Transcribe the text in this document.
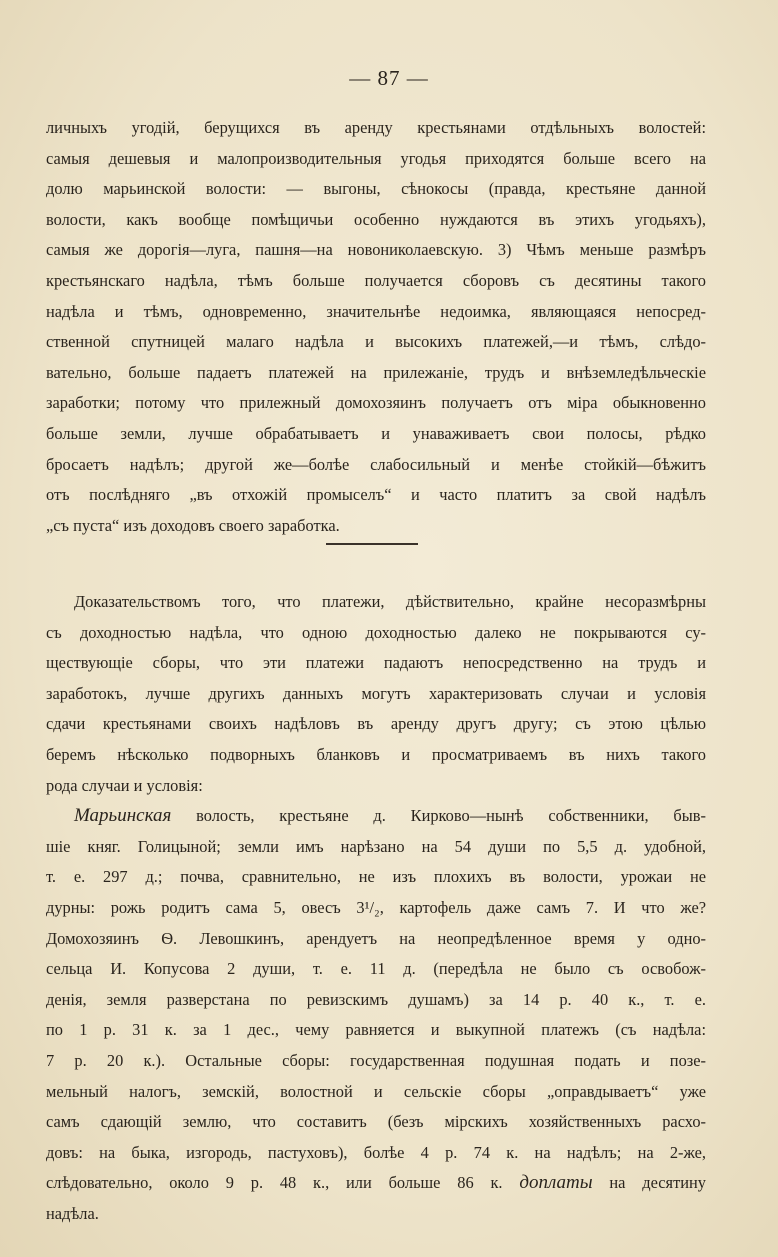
— 87 —
личныхъ угодій, берущихся въ аренду крестьянами отдѣльныхъ волостей:
самыя дешевыя и малопроизводительныя угодья приходятся больше всего на
долю марьинской волости: — выгоны, сѣнокосы (правда, крестьяне данной
волости, какъ вообще помѣщичьи особенно нуждаются въ этихъ угодьяхъ),
самыя же дорогія—луга, пашня—на новониколаевскую. 3) Чѣмъ меньше размѣръ
крестьянскаго надѣла, тѣмъ больше получается сборовъ съ десятины такого
надѣла и тѣмъ, одновременно, значительнѣе недоимка, являющаяся непосред-
ственной спутницей малаго надѣла и высокихъ платежей,—и тѣмъ, слѣдо-
вательно, больше падаетъ платежей на прилежаніе, трудъ и внѣземледѣльческіе
заработки; потому что прилежный домохозяинъ получаетъ отъ міра обыкновенно
больше земли, лучше обрабатываетъ и унаваживаетъ свои полосы, рѣдко
бросаетъ надѣлъ; другой же—болѣе слабосильный и менѣе стойкій—бѣжитъ
отъ послѣдняго „въ отхожій промыселъ“ и часто платитъ за свой надѣлъ
„съ пуста“ изъ доходовъ своего заработка.
Доказательствомъ того, что платежи, дѣйствительно, крайне несоразмѣрны
съ доходностью надѣла, что одною доходностью далеко не покрываются су-
ществующіе сборы, что эти платежи падаютъ непосредственно на трудъ и
заработокъ, лучше другихъ данныхъ могутъ характеризовать случаи и условія
сдачи крестьянами своихъ надѣловъ въ аренду другъ другу; съ этою цѣлью
беремъ нѣсколько подворныхъ бланковъ и просматриваемъ въ нихъ такого
рода случаи и условія:
Марьинская волость, крестьяне д. Кирково—нынѣ собственники, быв-
шіе княг. Голицыной; земли имъ нарѣзано на 54 души по 5,5 д. удобной,
т. е. 297 д.; почва, сравнительно, не изъ плохихъ въ волости, урожаи не
дурны: рожь родитъ сама 5, овесъ 3¹/₂, картофель даже самъ 7. И что же?
Домохозяинъ Ѳ. Левошкинъ, арендуетъ на неопредѣленное время у одно-
сельца И. Копусова 2 души, т. е. 11 д. (передѣла не было съ освобож-
денія, земля разверстана по ревизскимъ душамъ) за 14 р. 40 к., т. е.
по 1 р. 31 к. за 1 дес., чему равняется и выкупной платежъ (съ надѣла:
7 р. 20 к.). Остальные сборы: государственная подушная подать и позе-
мельный налогъ, земскій, волостной и сельскіе сборы „оправдываетъ“ уже
самъ сдающій землю, что составитъ (безъ мірскихъ хозяйственныхъ расхо-
довъ: на быка, изгородь, пастуховъ), болѣе 4 р. 74 к. на надѣлъ; на 2-же,
слѣдовательно, около 9 р. 48 к., или больше 86 к. доплаты на десятину
надѣла.
